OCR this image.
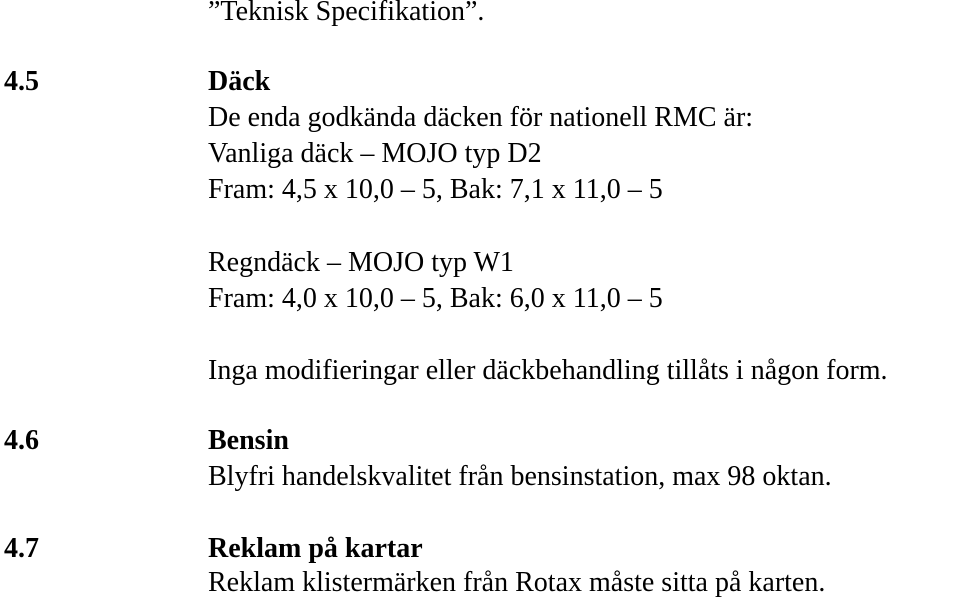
”Teknisk Specifikation”.
4.5	Däck
De enda godkända däcken för nationell RMC är:
Vanliga däck – MOJO typ D2
Fram: 4,5 x 10,0 – 5, Bak: 7,1 x 11,0 – 5
Regndäck – MOJO typ W1
Fram: 4,0 x 10,0 – 5, Bak: 6,0 x 11,0 – 5
Inga modifieringar eller däckbehandling tillåts i någon form.
4.6	Bensin
Blyfri handelskvalitet från bensinstation, max 98 oktan.
4.7	Reklam på kartar
Reklam klistermärken från Rotax måste sitta på karten.
